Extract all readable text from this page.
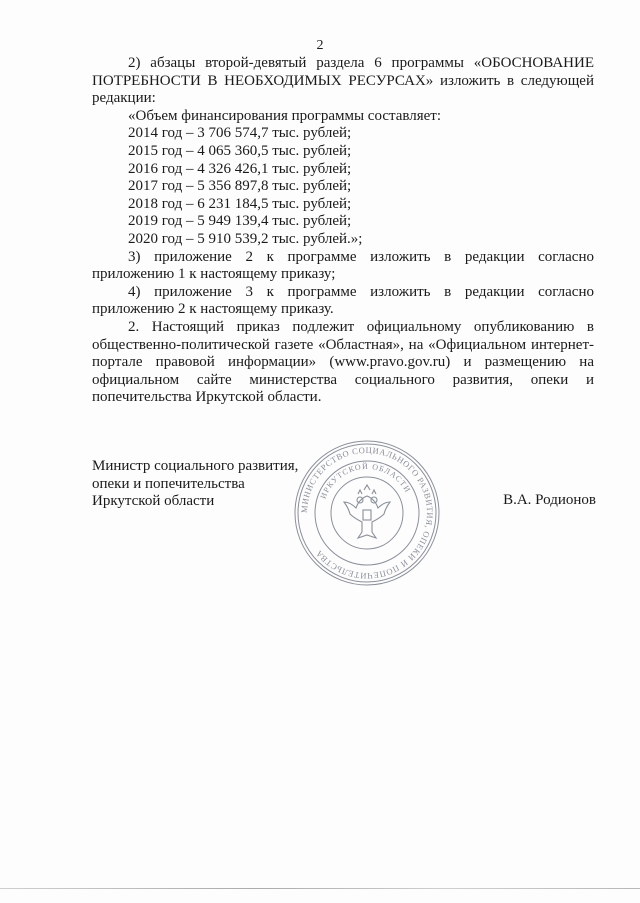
2

2) абзацы второй-девятый раздела 6 программы «ОБОСНОВАНИЕ ПОТРЕБНОСТИ В НЕОБХОДИМЫХ РЕСУРСАХ» изложить в следующей редакции:

«Объем финансирования программы составляет:

2014 год – 3 706 574,7 тыс. рублей;
2015 год – 4 065 360,5 тыс. рублей;
2016 год – 4 326 426,1 тыс. рублей;
2017 год – 5 356 897,8 тыс. рублей;
2018 год – 6 231 184,5 тыс. рублей;
2019 год – 5 949 139,4 тыс. рублей;
2020 год – 5 910 539,2 тыс. рублей.»;

3) приложение 2 к программе изложить в редакции согласно приложению 1 к настоящему приказу;

4) приложение 3 к программе изложить в редакции согласно приложению 2 к настоящему приказу.

2. Настоящий приказ подлежит официальному опубликованию в общественно-политической газете «Областная», на «Официальном интернет-портале правовой информации» (www.pravo.gov.ru) и размещению на официальном сайте министерства социального развития, опеки и попечительства Иркутской области.

Министр социального развития,
опеки и попечительства
Иркутской области	В.А. Родионов
МИНИСТЕРСТВО СОЦИАЛЬНОГО РАЗВИТИЯ, ОПЕКИ И ПОПЕЧИТЕЛЬСТВА
ИРКУТСКОЙ ОБЛАСТИ
